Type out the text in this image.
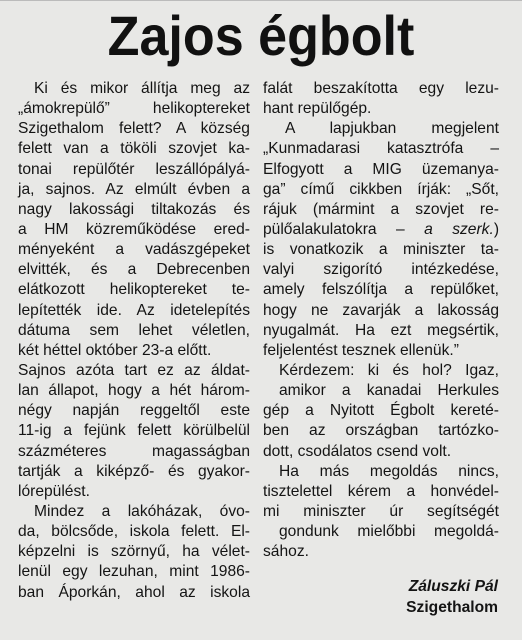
Zajos égbolt
Ki és mikor állítja meg az
„ámokrepülő” helikoptereket
Szigethalom felett? A község
felett van a tököli szovjet ka-
tonai repülőtér leszállópályá-
ja, sajnos. Az elmúlt évben a
nagy lakossági tiltakozás és
a HM közreműködése ered-
ményeként a vadászgépeket
elvitték, és a Debrecenben
elátkozott helikoptereket te-
lepítették ide. Az idetelepítés
dátuma sem lehet véletlen,
két héttel október 23-a előtt.
Sajnos azóta tart ez az áldat-
lan állapot, hogy a hét három-
négy napján reggeltől este
11-ig a fejünk felett körülbelül
százméteres magasságban
tartják a kiképző- és gyakor-
lórepülést.
Mindez a lakóházak, óvo-
da, bölcsőde, iskola felett. El-
képzelni is szörnyű, ha vélet-
lenül egy lezuhan, mint 1986-
ban Áporkán, ahol az iskola
falát beszakította egy lezu-
hant repülőgép.
A lapjukban megjelent
„Kunmadarasi katasztrófa –
Elfogyott a MIG üzemanya-
ga” című cikkben írják: „Sőt,
rájuk (mármint a szovjet re-
pülőalakulatokra – a szerk.)
is vonatkozik a miniszter ta-
valyi szigorító intézkedése,
amely felszólítja a repülőket,
hogy ne zavarják a lakosság
nyugalmát. Ha ezt megsértik,
feljelentést tesznek ellenük.”
Kérdezem: ki és hol? Igaz,
amikor a kanadai Herkules
gép a Nyitott Égbolt kereté-
ben az országban tartózko-
dott, csodálatos csend volt.
Ha más megoldás nincs,
tisztelettel kérem a honvédel-
mi miniszter úr segítségét
gondunk mielőbbi megoldá-
sához.
Záluszki Pál
Szigethalom
